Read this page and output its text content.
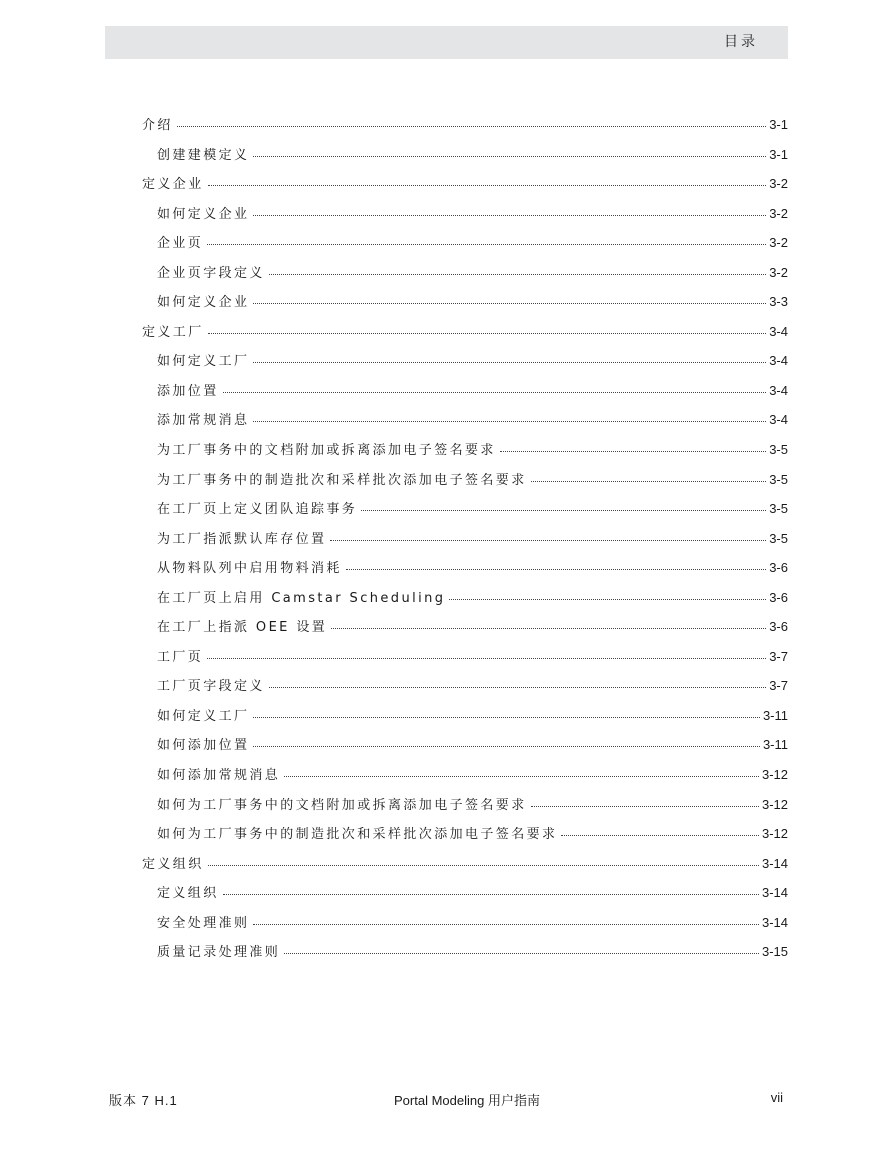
目录
介绍	3-1
创建建模定义	3-1
定义企业	3-2
如何定义企业	3-2
企业页	3-2
企业页字段定义	3-2
如何定义企业	3-3
定义工厂	3-4
如何定义工厂	3-4
添加位置	3-4
添加常规消息	3-4
为工厂事务中的文档附加或拆离添加电子签名要求	3-5
为工厂事务中的制造批次和采样批次添加电子签名要求	3-5
在工厂页上定义团队追踪事务	3-5
为工厂指派默认库存位置	3-5
从物料队列中启用物料消耗	3-6
在工厂页上启用 Camstar Scheduling	3-6
在工厂上指派 OEE 设置	3-6
工厂页	3-7
工厂页字段定义	3-7
如何定义工厂	3-11
如何添加位置	3-11
如何添加常规消息	3-12
如何为工厂事务中的文档附加或拆离添加电子签名要求	3-12
如何为工厂事务中的制造批次和采样批次添加电子签名要求	3-12
定义组织	3-14
定义组织	3-14
安全处理准则	3-14
质量记录处理准则	3-15
版本 7 H.1	Portal Modeling 用户指南	vii
